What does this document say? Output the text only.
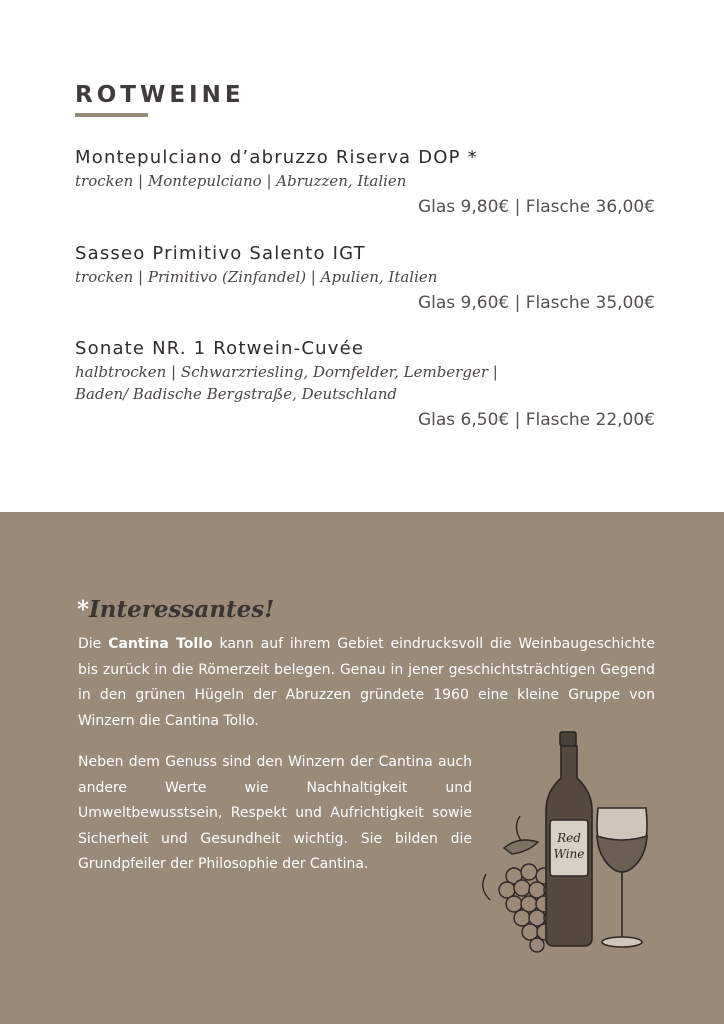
ROTWEINE
Montepulciano d’abruzzo Riserva DOP *
trocken | Montepulciano | Abruzzen, Italien
Glas 9,80€ | Flasche 36,00€
Sasseo Primitivo Salento IGT
trocken | Primitivo (Zinfandel) | Apulien, Italien
Glas 9,60€ | Flasche 35,00€
Sonate NR. 1 Rotwein-Cuvée
halbtrocken | Schwarzriesling, Dornfelder, Lemberger |
Baden/ Badische Bergstraße, Deutschland
Glas 6,50€ | Flasche 22,00€
*Interessantes!
Die Cantina Tollo kann auf ihrem Gebiet eindrucksvoll die Weinbaugeschichte bis zurück in die Römerzeit belegen. Genau in jener geschichtsträchtigen Gegend in den grünen Hügeln der Abruzzen gründete 1960 eine kleine Gruppe von Winzern die Cantina Tollo.
Neben dem Genuss sind den Winzern der Cantina auch andere Werte wie Nachhaltigkeit und Umweltbewusstsein, Respekt und Aufrichtigkeit sowie Sicherheit und Gesundheit wichtig. Sie bilden die Grundpfeiler der Philosophie der Cantina.
Red
Wine
